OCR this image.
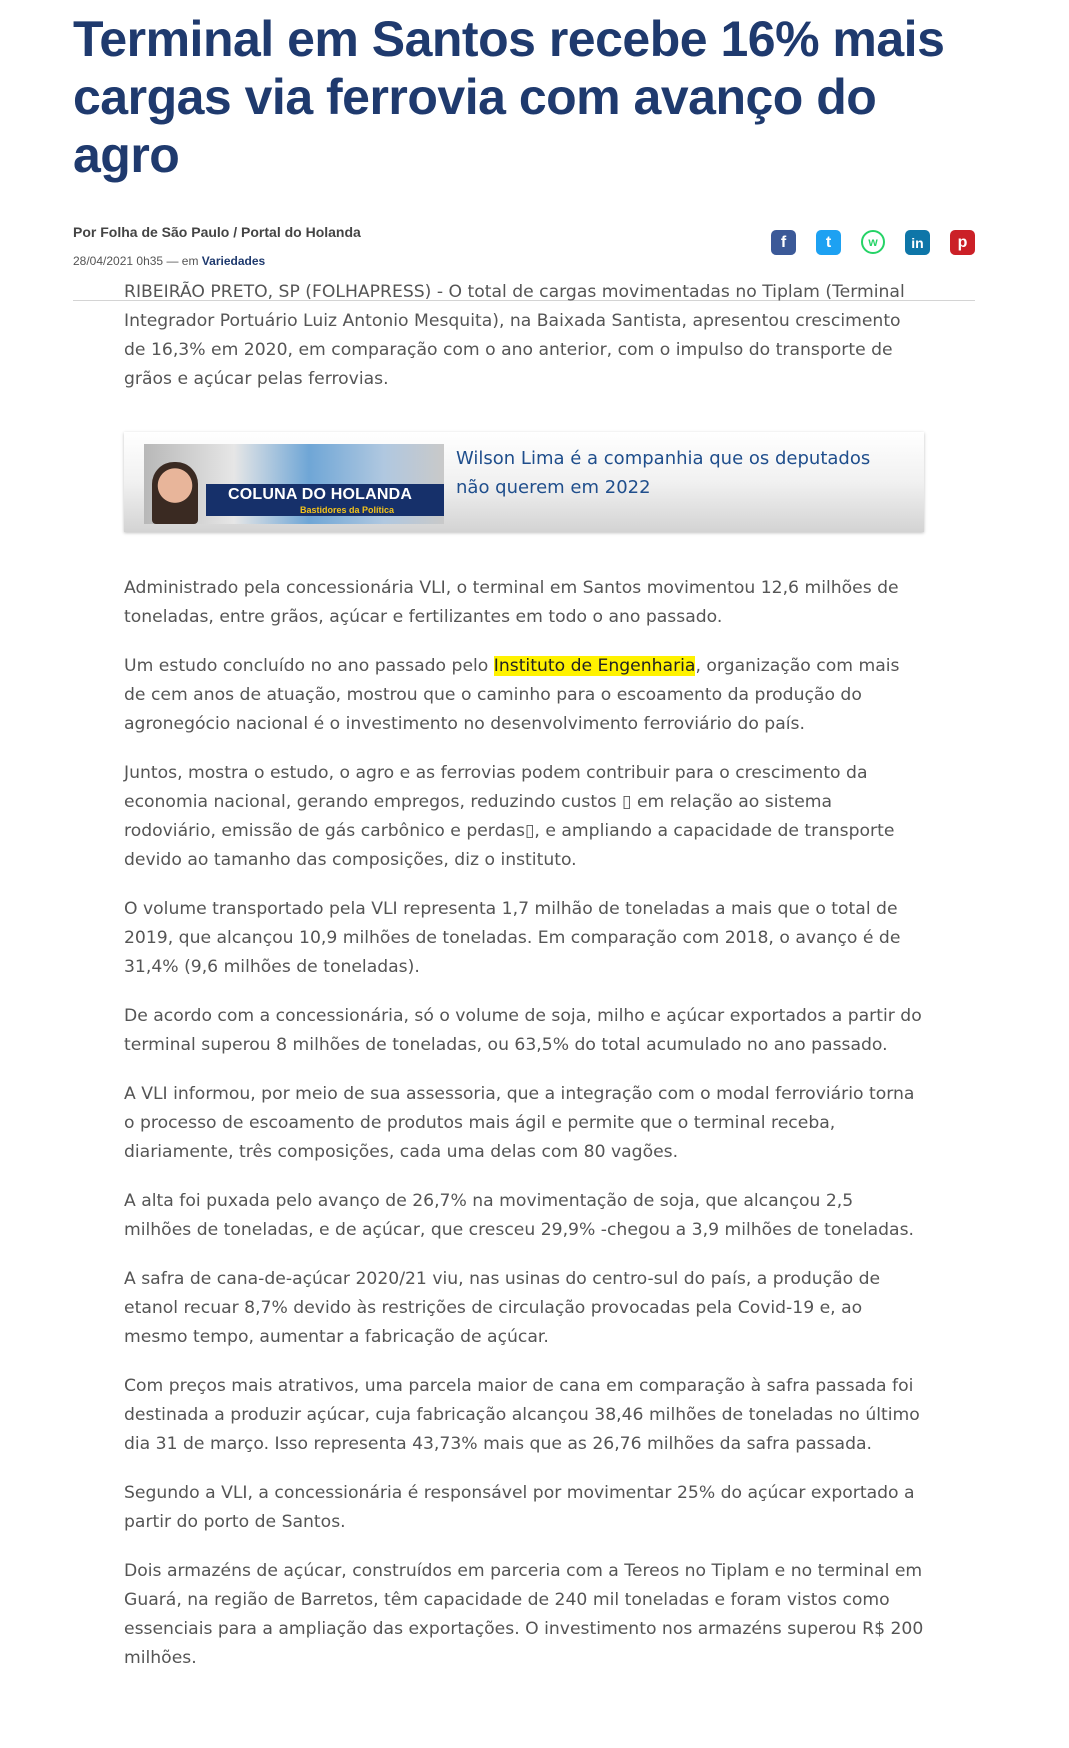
Terminal em Santos recebe 16% mais cargas via ferrovia com avanço do agro
Por Folha de São Paulo / Portal do Holanda
28/04/2021 0h35 — em Variedades
f	t	w	in	p

RIBEIRÃO PRETO, SP (FOLHAPRESS) - O total de cargas movimentadas no Tiplam (Terminal Integrador Portuário Luiz Antonio Mesquita), na Baixada Santista, apresentou crescimento de 16,3% em 2020, em comparação com o ano anterior, com o impulso do transporte de grãos e açúcar pelas ferrovias.

COLUNA DO HOLANDA
Bastidores da Política
Wilson Lima é a companhia que os deputados não querem em 2022

Administrado pela concessionária VLI, o terminal em Santos movimentou 12,6 milhões de toneladas, entre grãos, açúcar e fertilizantes em todo o ano passado.

Um estudo concluído no ano passado pelo Instituto de Engenharia, organização com mais de cem anos de atuação, mostrou que o caminho para o escoamento da produção do agronegócio nacional é o investimento no desenvolvimento ferroviário do país.

Juntos, mostra o estudo, o agro e as ferrovias podem contribuir para o crescimento da economia nacional, gerando empregos, reduzindo custos ▯ em relação ao sistema rodoviário, emissão de gás carbônico e perdas▯, e ampliando a capacidade de transporte devido ao tamanho das composições, diz o instituto.

O volume transportado pela VLI representa 1,7 milhão de toneladas a mais que o total de 2019, que alcançou 10,9 milhões de toneladas. Em comparação com 2018, o avanço é de 31,4% (9,6 milhões de toneladas).

De acordo com a concessionária, só o volume de soja, milho e açúcar exportados a partir do terminal superou 8 milhões de toneladas, ou 63,5% do total acumulado no ano passado.

A VLI informou, por meio de sua assessoria, que a integração com o modal ferroviário torna o processo de escoamento de produtos mais ágil e permite que o terminal receba, diariamente, três composições, cada uma delas com 80 vagões.

A alta foi puxada pelo avanço de 26,7% na movimentação de soja, que alcançou 2,5 milhões de toneladas, e de açúcar, que cresceu 29,9% -chegou a 3,9 milhões de toneladas.

A safra de cana-de-açúcar 2020/21 viu, nas usinas do centro-sul do país, a produção de etanol recuar 8,7% devido às restrições de circulação provocadas pela Covid-19 e, ao mesmo tempo, aumentar a fabricação de açúcar.

Com preços mais atrativos, uma parcela maior de cana em comparação à safra passada foi destinada a produzir açúcar, cuja fabricação alcançou 38,46 milhões de toneladas no último dia 31 de março. Isso representa 43,73% mais que as 26,76 milhões da safra passada.

Segundo a VLI, a concessionária é responsável por movimentar 25% do açúcar exportado a partir do porto de Santos.

Dois armazéns de açúcar, construídos em parceria com a Tereos no Tiplam e no terminal em Guará, na região de Barretos, têm capacidade de 240 mil toneladas e foram vistos como essenciais para a ampliação das exportações. O investimento nos armazéns superou R$ 200 milhões.
